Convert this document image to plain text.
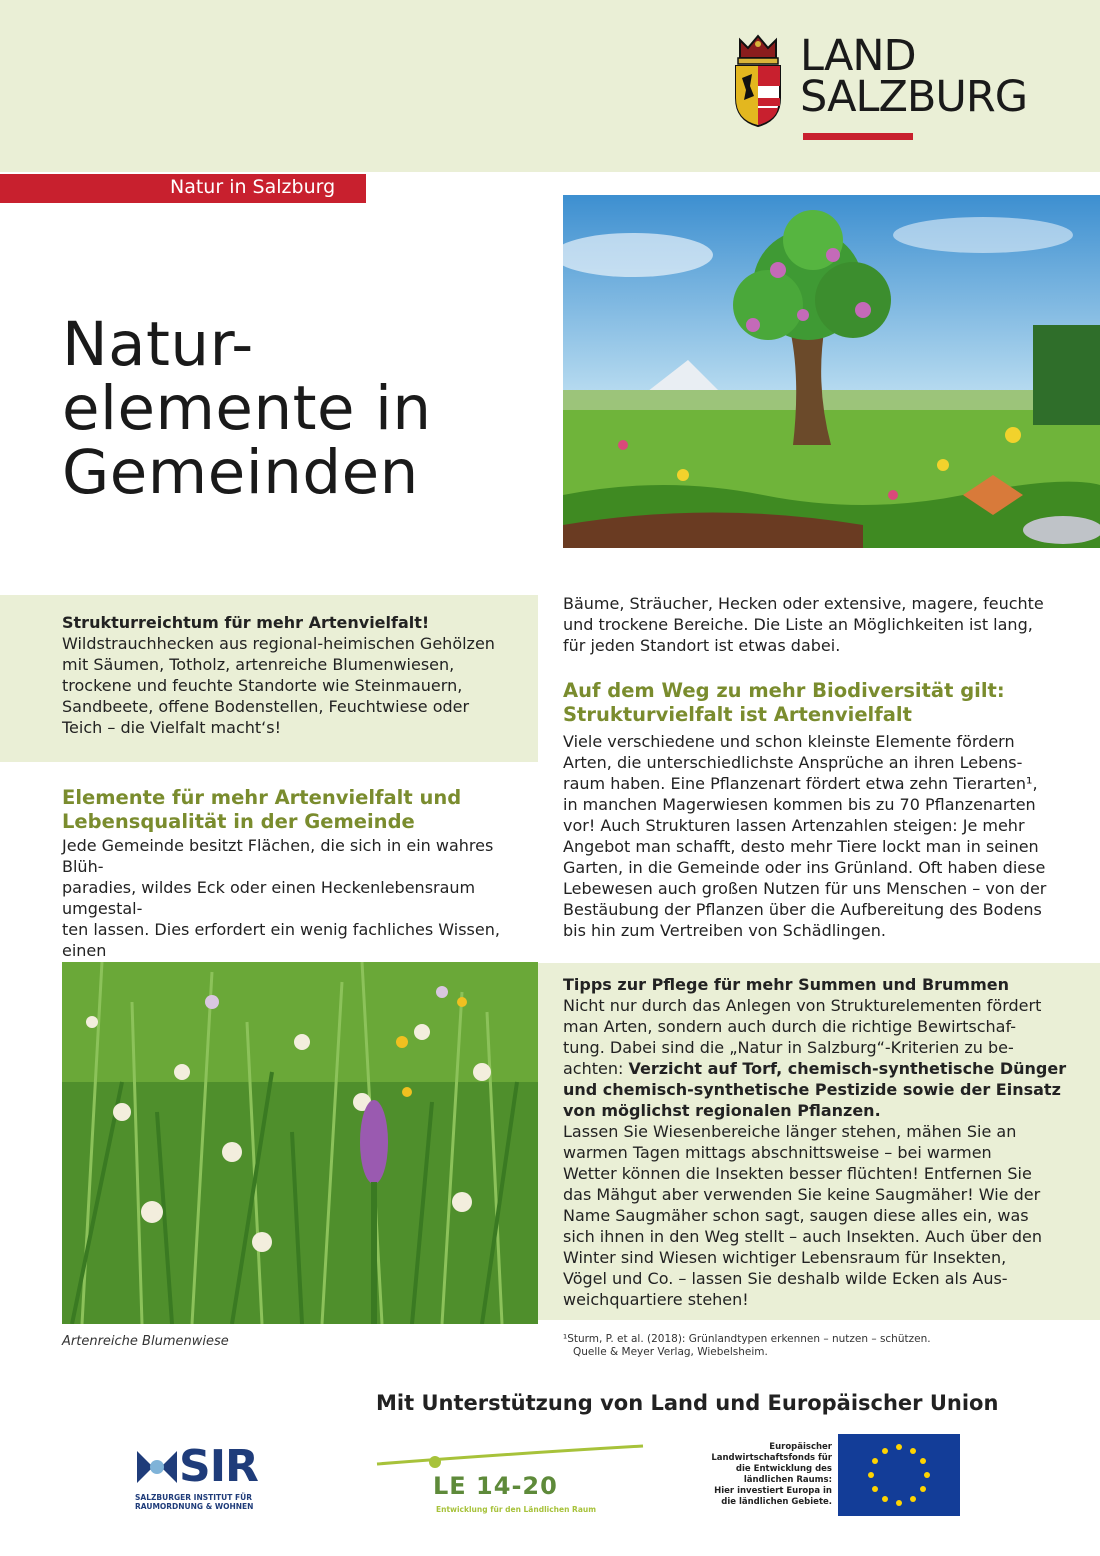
LAND
SALZBURG
Natur in Salzburg
Natur-
elemente in
Gemeinden
Strukturreichtum für mehr Artenvielfalt!
Wildstrauchhecken aus regional-heimischen Gehölzen
mit Säumen, Totholz, artenreiche Blumenwiesen,
trockene und feuchte Standorte wie Steinmauern,
Sandbeete, offene Bodenstellen, Feuchtwiese oder
Teich – die Vielfalt macht‘s!
Elemente für mehr Artenvielfalt und
Lebensqualität in der Gemeinde
Jede Gemeinde besitzt Flächen, die sich in ein wahres Blüh-
paradies, wildes Eck oder einen Heckenlebensraum umgestal-
ten lassen. Dies erfordert ein wenig fachliches Wissen, einen
Bäume, Sträucher, Hecken oder extensive, magere, feuchte
und trockene Bereiche. Die Liste an Möglichkeiten ist lang,
für jeden Standort ist etwas dabei.
Auf dem Weg zu mehr Biodiversität gilt:
Strukturvielfalt ist Artenvielfalt
Viele verschiedene und schon kleinste Elemente fördern
Arten, die unterschiedlichste Ansprüche an ihren Lebens-
raum haben. Eine Pflanzenart fördert etwa zehn Tierarten¹,
in manchen Magerwiesen kommen bis zu 70 Pflanzenarten
vor! Auch Strukturen lassen Artenzahlen steigen: Je mehr
Angebot man schafft, desto mehr Tiere lockt man in seinen
Garten, in die Gemeinde oder ins Grünland. Oft haben diese
Lebewesen auch großen Nutzen für uns Menschen – von der
Bestäubung der Pflanzen über die Aufbereitung des Bodens
bis hin zum Vertreiben von Schädlingen.
Artenreiche Blumenwiese
Tipps zur Pflege für mehr Summen und Brummen
Nicht nur durch das Anlegen von Strukturelementen fördert
man Arten, sondern auch durch die richtige Bewirtschaf-
tung. Dabei sind die „Natur in Salzburg“-Kriterien zu be-
achten: Verzicht auf Torf, chemisch-synthetische Dünger
und chemisch-synthetische Pestizide sowie der Einsatz
von möglichst regionalen Pflanzen.
Lassen Sie Wiesenbereiche länger stehen, mähen Sie an
warmen Tagen mittags abschnittsweise – bei warmen
Wetter können die Insekten besser flüchten! Entfernen Sie
das Mähgut aber verwenden Sie keine Saugmäher! Wie der
Name Saugmäher schon sagt, saugen diese alles ein, was
sich ihnen in den Weg stellt – auch Insekten. Auch über den
Winter sind Wiesen wichtiger Lebensraum für Insekten,
Vögel und Co. – lassen Sie deshalb wilde Ecken als Aus-
weichquartiere stehen!
¹Sturm, P. et al. (2018): Grünlandtypen erkennen – nutzen – schützen.
Quelle & Meyer Verlag, Wiebelsheim.
Mit Unterstützung von Land und Europäischer Union
SIR
SALZBURGER INSTITUT FÜR
RAUMORDNUNG & WOHNEN
LE 14-20
Entwicklung für den Ländlichen Raum
Europäischer
Landwirtschaftsfonds für
die Entwicklung des
ländlichen Raums:
Hier investiert Europa in
die ländlichen Gebiete.
